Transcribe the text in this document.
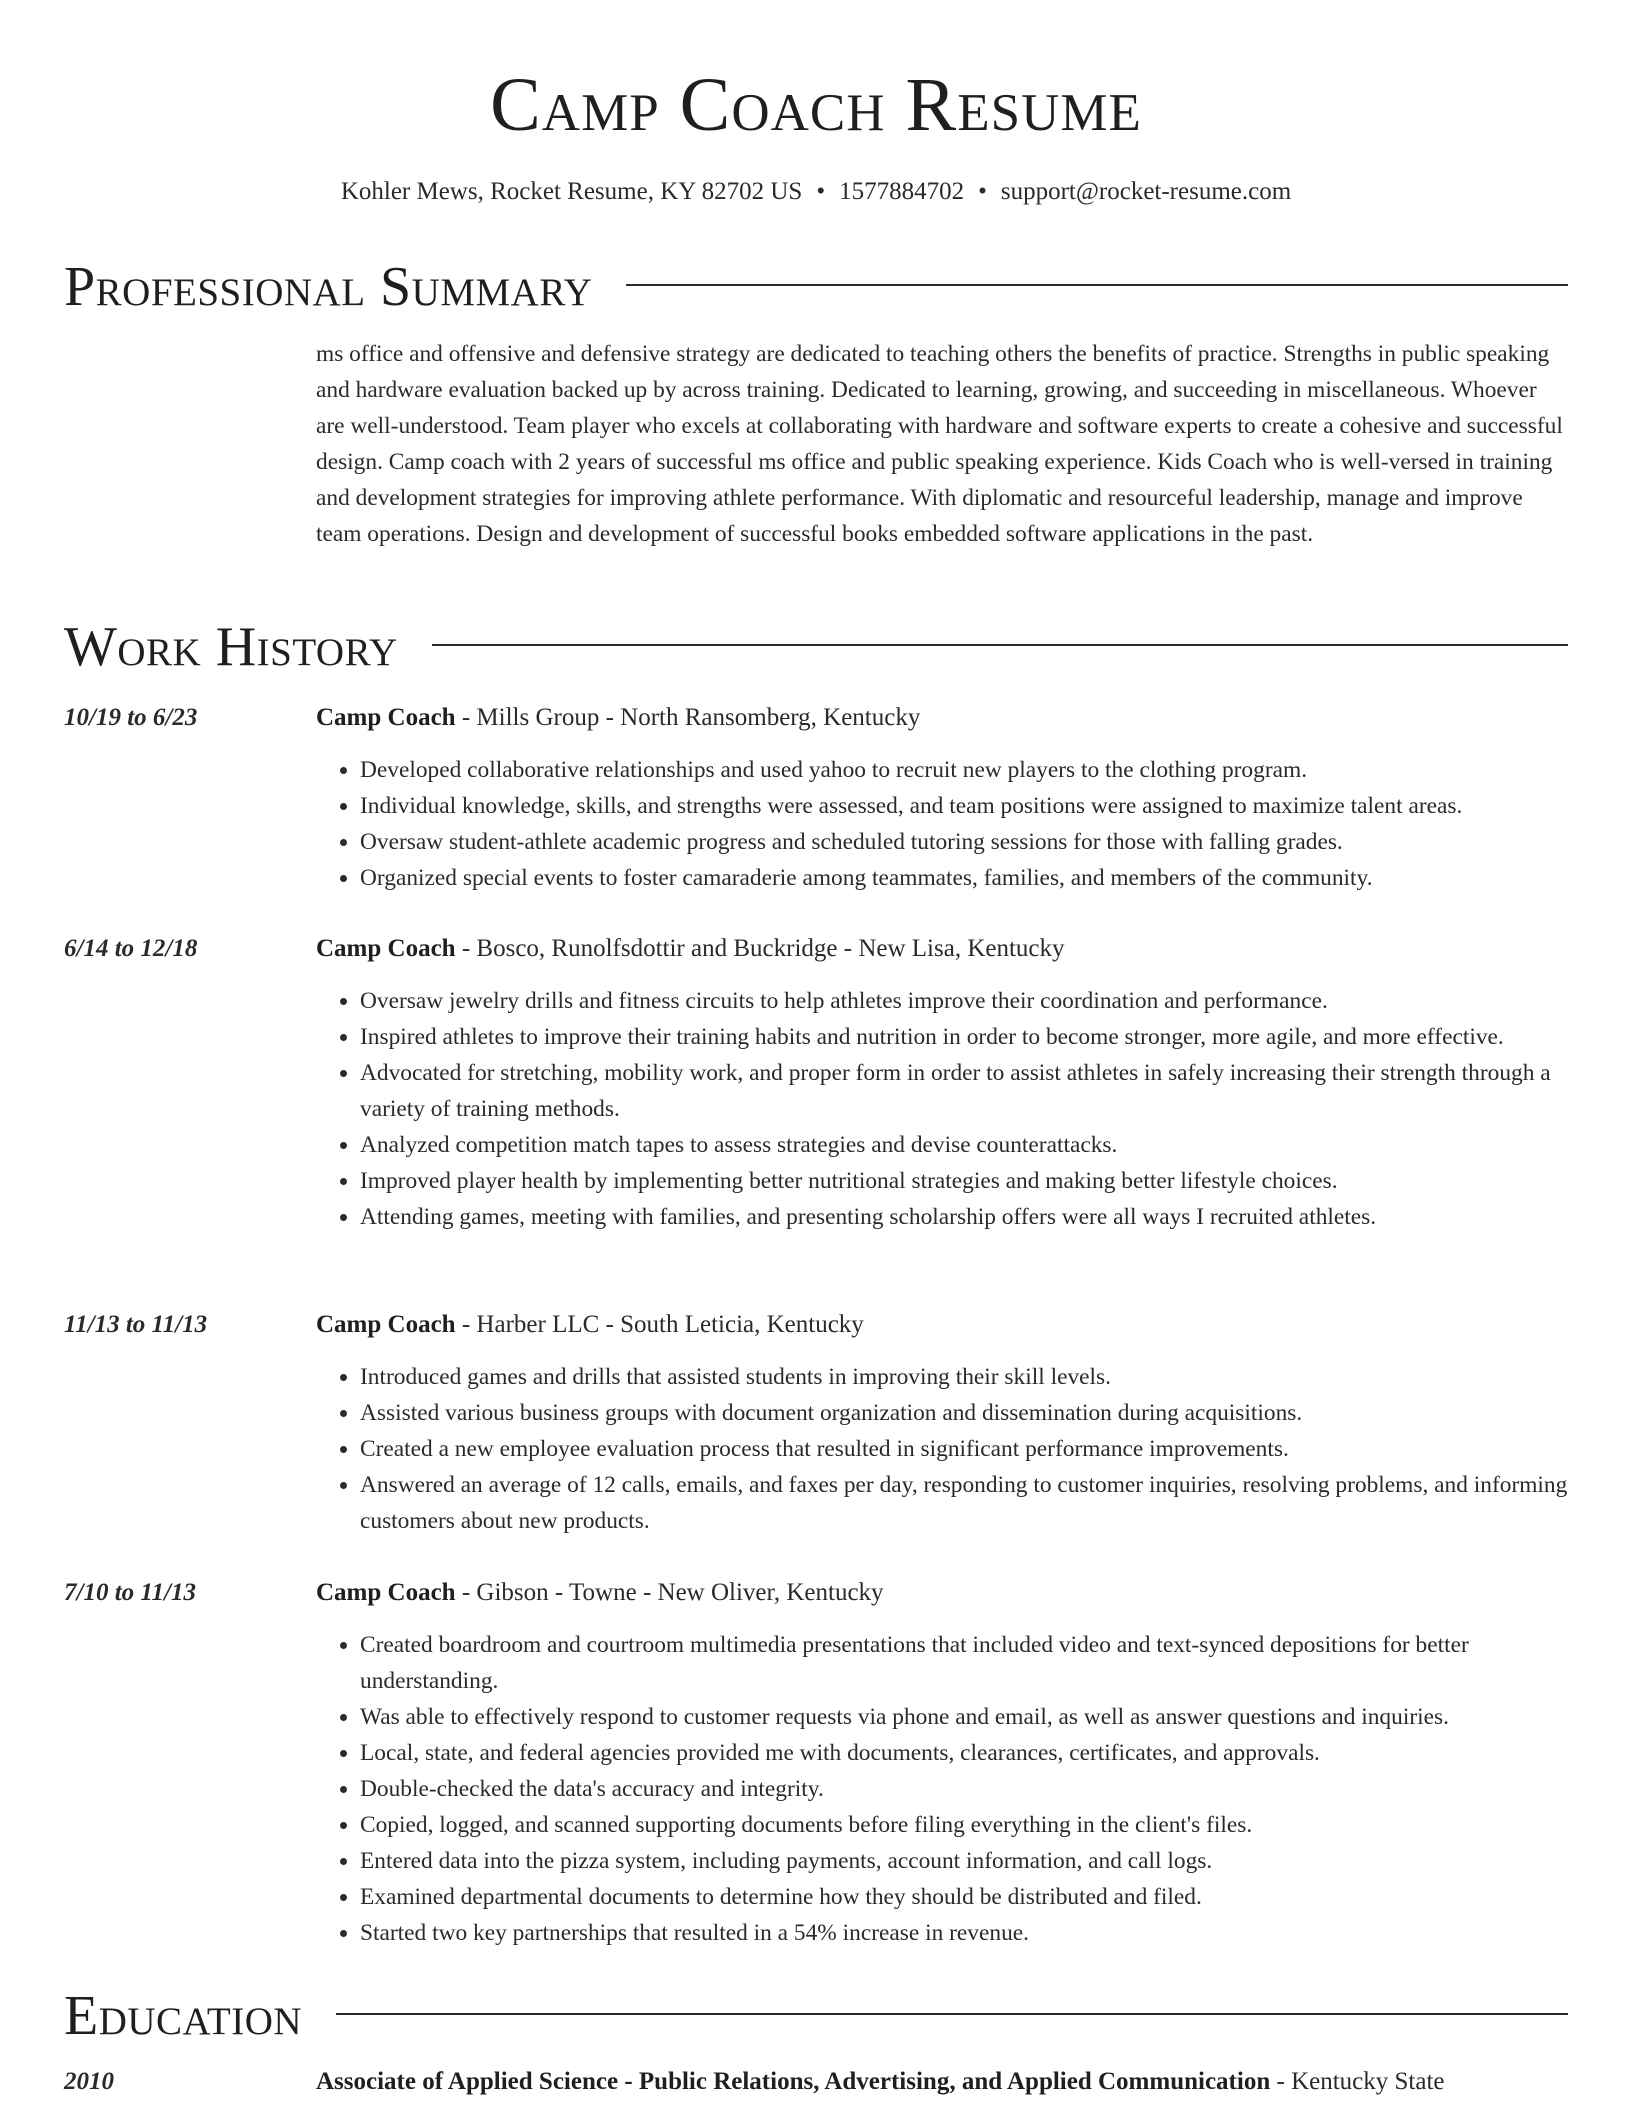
Camp Coach Resume
Kohler Mews, Rocket Resume, KY 82702 US • 1577884702 • support@rocket-resume.com
Professional Summary

ms office and offensive and defensive strategy are dedicated to teaching others the benefits of practice. Strengths in public speaking and hardware evaluation backed up by across training. Dedicated to learning, growing, and succeeding in miscellaneous. Whoever are well-understood. Team player who excels at collaborating with hardware and software experts to create a cohesive and successful design. Camp coach with 2 years of successful ms office and public speaking experience. Kids Coach who is well-versed in training and development strategies for improving athlete performance. With diplomatic and resourceful leadership, manage and improve team operations. Design and development of successful books embedded software applications in the past.

Work History
10/19 to 6/23	Camp Coach - Mills Group - North Ransomberg, Kentucky
• Developed collaborative relationships and used yahoo to recruit new players to the clothing program.
• Individual knowledge, skills, and strengths were assessed, and team positions were assigned to maximize talent areas.
• Oversaw student-athlete academic progress and scheduled tutoring sessions for those with falling grades.
• Organized special events to foster camaraderie among teammates, families, and members of the community.
6/14 to 12/18	Camp Coach - Bosco, Runolfsdottir and Buckridge - New Lisa, Kentucky
• Oversaw jewelry drills and fitness circuits to help athletes improve their coordination and performance.
• Inspired athletes to improve their training habits and nutrition in order to become stronger, more agile, and more effective.
• Advocated for stretching, mobility work, and proper form in order to assist athletes in safely increasing their strength through a variety of training methods.
• Analyzed competition match tapes to assess strategies and devise counterattacks.
• Improved player health by implementing better nutritional strategies and making better lifestyle choices.
• Attending games, meeting with families, and presenting scholarship offers were all ways I recruited athletes.
11/13 to 11/13	Camp Coach - Harber LLC - South Leticia, Kentucky
• Introduced games and drills that assisted students in improving their skill levels.
• Assisted various business groups with document organization and dissemination during acquisitions.
• Created a new employee evaluation process that resulted in significant performance improvements.
• Answered an average of 12 calls, emails, and faxes per day, responding to customer inquiries, resolving problems, and informing customers about new products.
7/10 to 11/13	Camp Coach - Gibson - Towne - New Oliver, Kentucky
• Created boardroom and courtroom multimedia presentations that included video and text-synced depositions for better understanding.
• Was able to effectively respond to customer requests via phone and email, as well as answer questions and inquiries.
• Local, state, and federal agencies provided me with documents, clearances, certificates, and approvals.
• Double-checked the data's accuracy and integrity.
• Copied, logged, and scanned supporting documents before filing everything in the client's files.
• Entered data into the pizza system, including payments, account information, and call logs.
• Examined departmental documents to determine how they should be distributed and filed.
• Started two key partnerships that resulted in a 54% increase in revenue.
Education
2010	Associate of Applied Science - Public Relations, Advertising, and Applied Communication - Kentucky State
